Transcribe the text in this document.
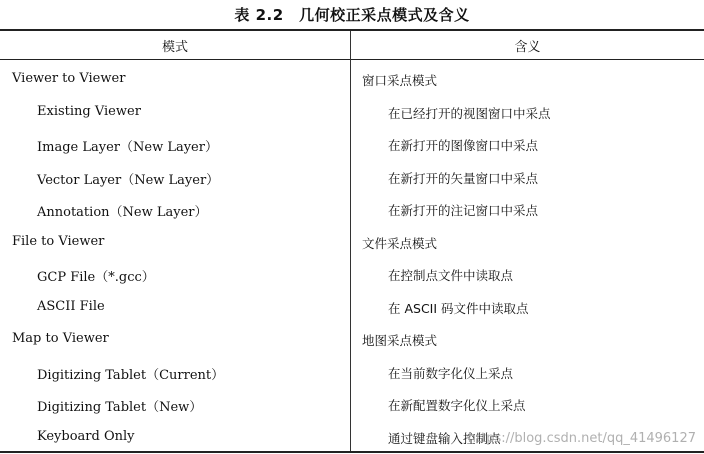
表 2.2　几何校正采点模式及含义
模式	含义
Viewer to Viewer	窗口采点模式
Existing Viewer	在已经打开的视图窗口中采点
Image Layer（New Layer）	在新打开的图像窗口中采点
Vector Layer（New Layer）	在新打开的矢量窗口中采点
Annotation（New Layer）	在新打开的注记窗口中采点
File to Viewer	文件采点模式
GCP File（*.gcc）	在控制点文件中读取点
ASCII File	在 ASCII 码文件中读取点
Map to Viewer	地图采点模式
Digitizing Tablet（Current）	在当前数字化仪上采点
Digitizing Tablet（New）	在新配置数字化仪上采点
Keyboard Only	通过键盘输入控制点
https://blog.csdn.net/qq_41496127
